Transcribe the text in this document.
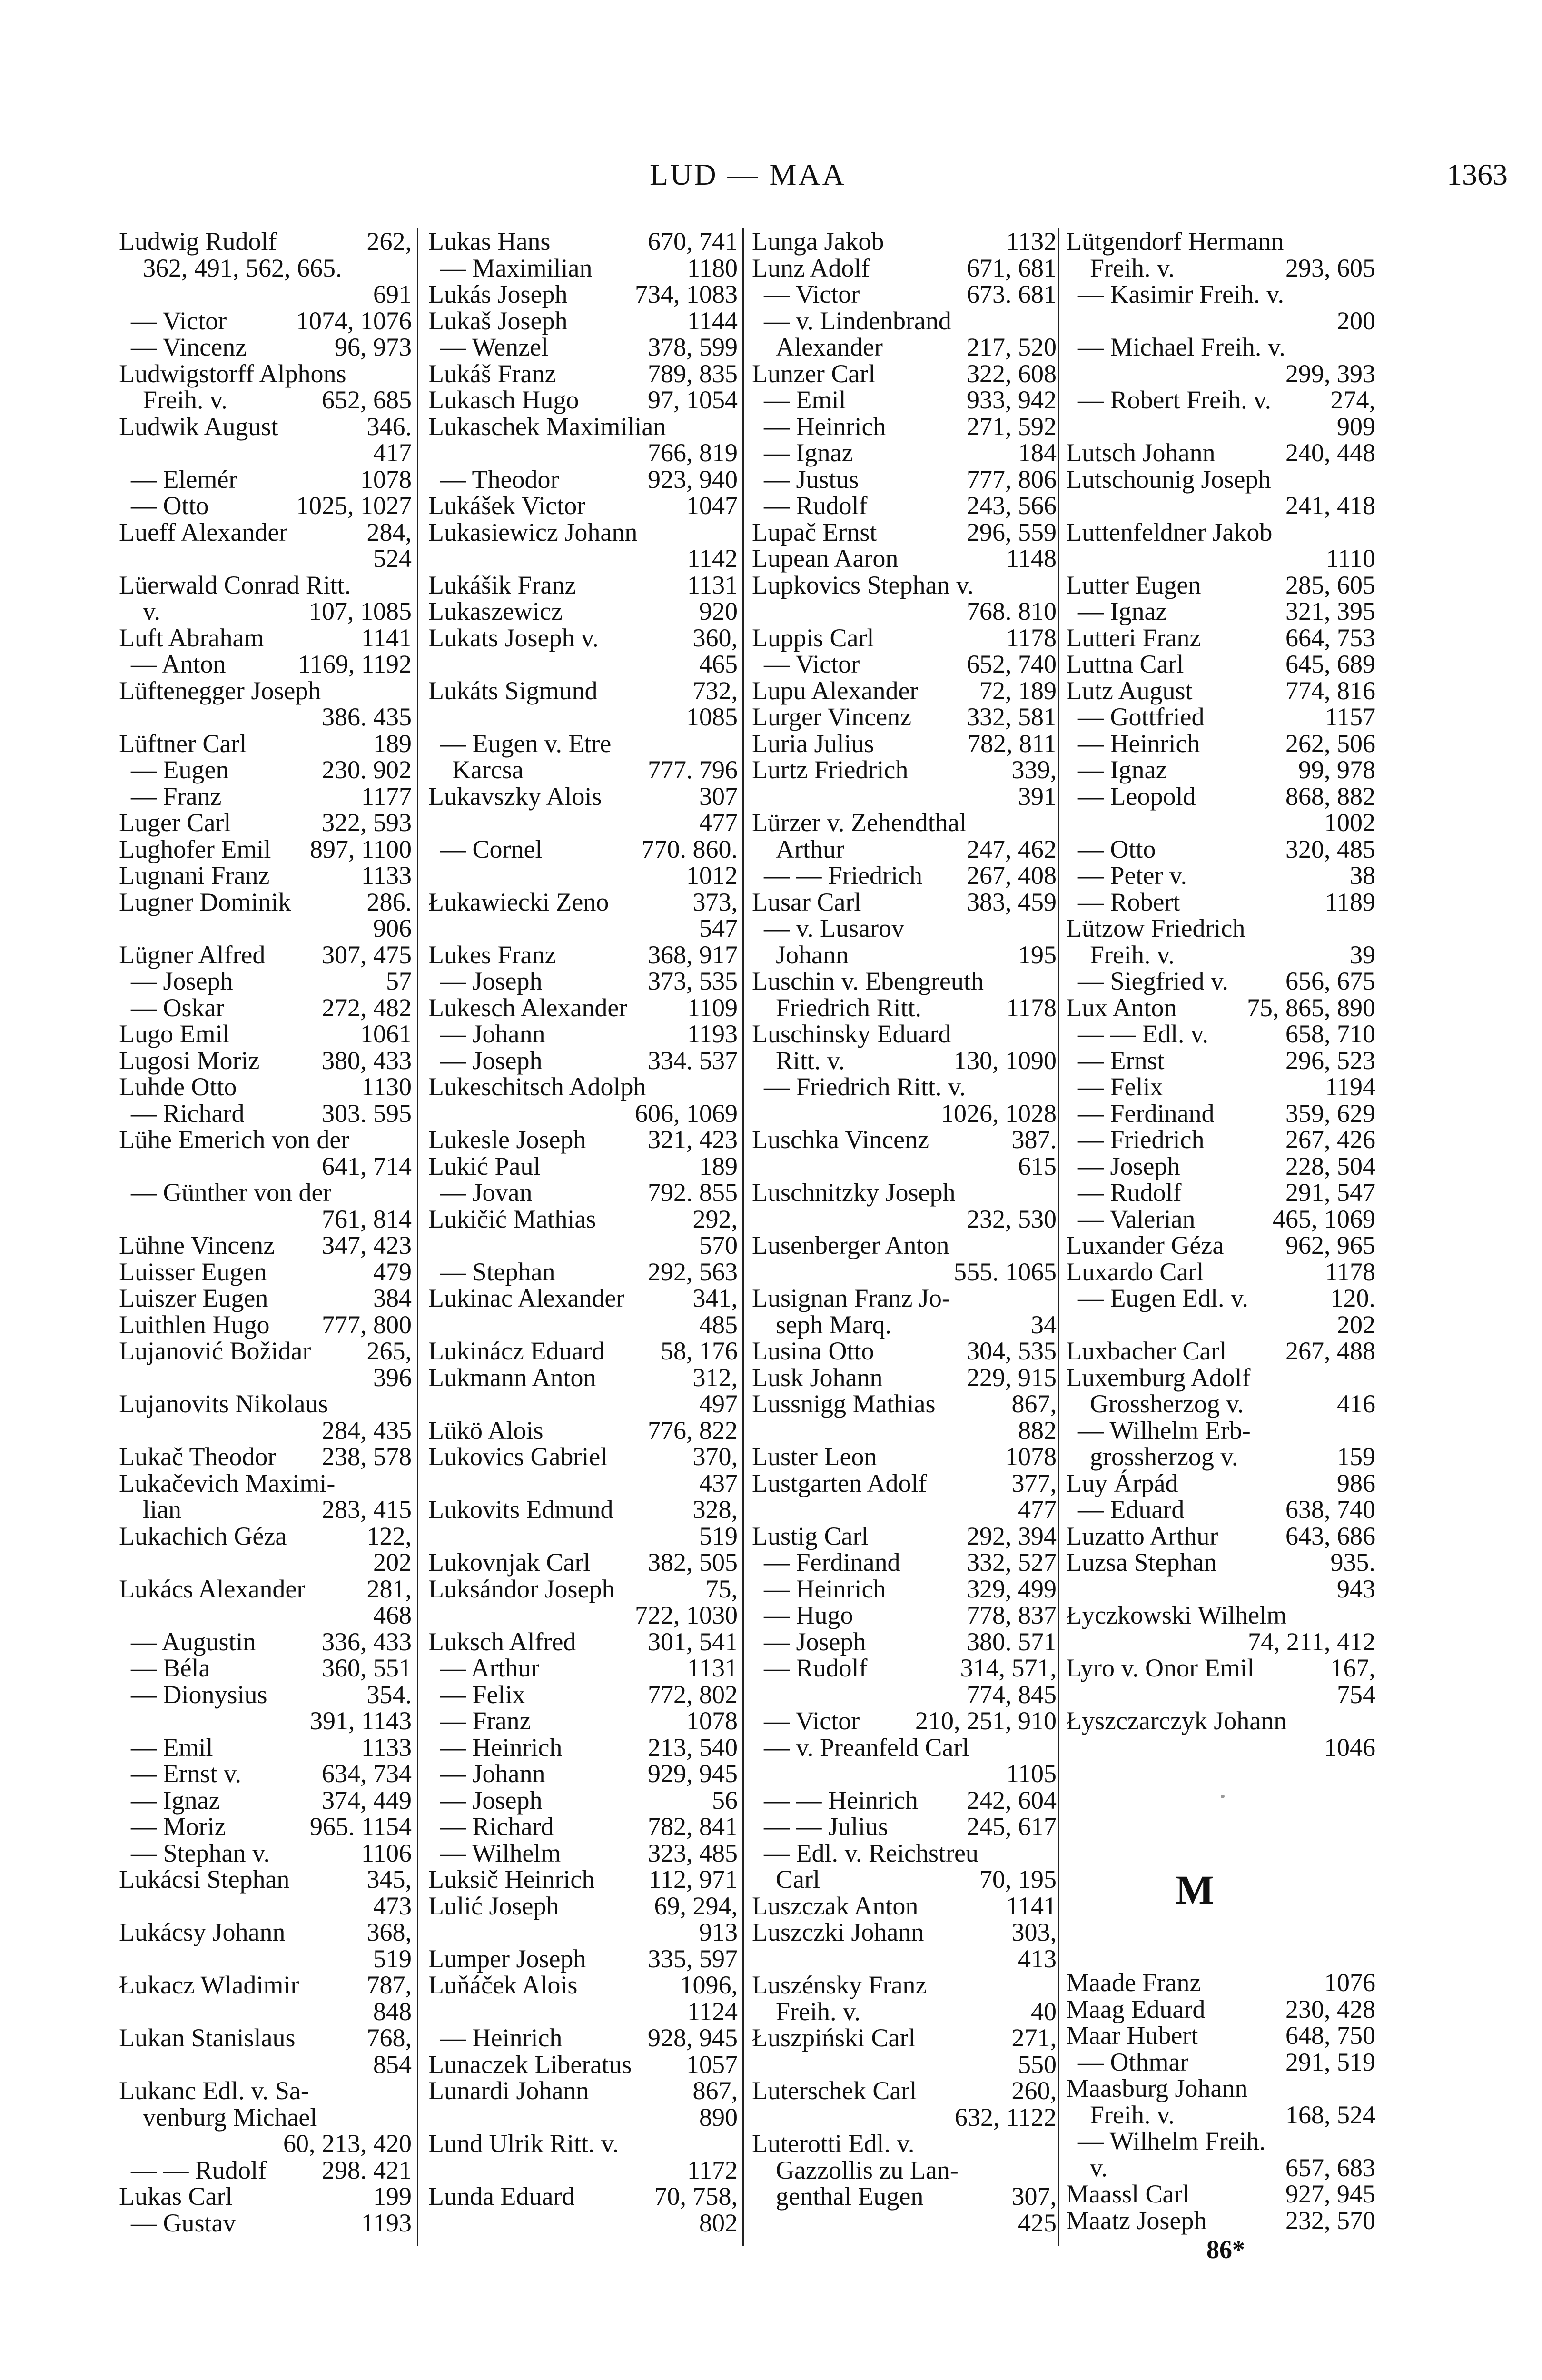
LUD — MAA	1363
Ludwig Rudolf	262,
362, 491, 562, 665.
691
— Victor	1074, 1076
— Vincenz	96, 973
Ludwigstorff Alphons
Freih. v.	652, 685
Ludwik August	346.
417
— Elemér	1078
— Otto	1025, 1027
Lueff Alexander	284,
524
Lüerwald Conrad Ritt.
v.	107, 1085
Luft Abraham	1141
— Anton	1169, 1192
Lüftenegger Joseph
386. 435
Lüftner Carl	189
— Eugen	230. 902
— Franz	1177
Luger Carl	322, 593
Lughofer Emil 897, 1100
Lugnani Franz	1133
Lugner Dominik	286.
906
Lügner Alfred 307, 475
— Joseph	57
— Oskar	272, 482
Lugo Emil	1061
Lugosi Moriz 380, 433
Luhde Otto	1130
— Richard	303. 595
Lühe Emerich von der
641, 714
— Günther von der
761, 814
Lühne Vincenz 347, 423
Luisser Eugen	479
Luiszer Eugen	384
Luithlen Hugo 777, 800
Lujanović Božidar 265,
396
Lujanovits Nikolaus
284, 435
Lukač Theodor 238, 578
Lukačevich Maximi-
lian	283, 415
Lukachich Géza	122,
202
Lukács Alexander 281,
468
— Augustin	336, 433
— Béla	360, 551
— Dionysius	354.
391, 1143
— Emil	1133
— Ernst v.	634, 734
— Ignaz	374, 449
— Moriz	965. 1154
— Stephan v.	1106
Lukácsi Stephan	345,
473
Lukácsy Johann	368,
519
Łukacz Wladimir	787,
848
Lukan Stanislaus	768,
854
Lukanc Edl. v. Sa-
venburg Michael
60, 213, 420
— — Rudolf 298. 421
Lukas Carl	199
— Gustav	1193
Lukas Hans	670, 741
— Maximilian	1180
Lukás Joseph	734, 1083
Lukaš Joseph	1144
— Wenzel	378, 599
Lukáš Franz	789, 835
Lukasch Hugo	97, 1054
Lukaschek Maximilian
766, 819
— Theodor	923, 940
Lukášek Victor	1047
Lukasiewicz Johann
1142
Lukášik Franz	1131
Lukaszewicz	920
Lukats Joseph v.	360,
465
Lukáts Sigmund	732,
1085
— Eugen v. Etre
Karcsa	777. 796
Lukavszky Alois	307
477
— Cornel	770. 860.
1012
Łukawiecki Zeno	373,
547
Lukes Franz	368, 917
— Joseph	373, 535
Lukesch Alexander 1109
— Johann	1193
— Joseph	334. 537
Lukeschitsch Adolph
606, 1069
Lukesle Joseph 321, 423
Lukić Paul	189
— Jovan	792. 855
Lukičić Mathias	292,
570
— Stephan	292, 563
Lukinac Alexander	341,
485
Lukinácz Eduard 58, 176
Lukmann Anton	312,
497
Lükö Alois	776, 822
Lukovics Gabriel	370,
437
Lukovits Edmund	328,
519
Lukovnjak Carl 382, 505
Luksándor Joseph	75,
722, 1030
Luksch Alfred	301, 541
— Arthur	1131
— Felix	772, 802
— Franz	1078
— Heinrich	213, 540
— Johann	929, 945
— Joseph	56
— Richard	782, 841
— Wilhelm	323, 485
Luksič Heinrich 112, 971
Lulić Joseph	69, 294,
913
Lumper Joseph 335, 597
Luňáček Alois	1096,
1124
— Heinrich	928, 945
Lunaczek Liberatus 1057
Lunardi Johann	867,
890
Lund Ulrik Ritt. v.
1172
Lunda Eduard	70, 758,
802
Lunga Jakob	1132
Lunz Adolf	671, 681
— Victor	673. 681
— v. Lindenbrand
Alexander	217, 520
Lunzer Carl	322, 608
— Emil	933, 942
— Heinrich	271, 592
— Ignaz	184
— Justus	777, 806
— Rudolf	243, 566
Lupač Ernst	296, 559
Lupean Aaron	1148
Lupkovics Stephan v.
768. 810
Luppis Carl	1178
— Victor	652, 740
Lupu Alexander 72, 189
Lurger Vincenz 332, 581
Luria Julius	782, 811
Lurtz Friedrich	339,
391
Lürzer v. Zehendthal
Arthur	247, 462
— — Friedrich 267, 408
Lusar Carl	383, 459
— v. Lusarov
Johann	195
Luschin v. Ebengreuth
Friedrich Ritt.	1178
Luschinsky Eduard
Ritt. v.	130, 1090
— Friedrich Ritt. v.
1026, 1028
Luschka Vincenz	387.
615
Luschnitzky Joseph
232, 530
Lusenberger Anton
555. 1065
Lusignan Franz Jo-
seph Marq.	34
Lusina Otto	304, 535
Lusk Johann	229, 915
Lussnigg Mathias	867,
882
Luster Leon	1078
Lustgarten Adolf	377,
477
Lustig Carl	292, 394
— Ferdinand	332, 527
— Heinrich	329, 499
— Hugo	778, 837
— Joseph	380. 571
— Rudolf	314, 571,
774, 845
— Victor 210, 251, 910
— v. Preanfeld Carl
1105
— — Heinrich 242, 604
— — Julius	245, 617
— Edl. v. Reichstreu
Carl	70, 195
Luszczak Anton	1141
Luszczki Johann	303,
413
Luszénsky Franz
Freih. v.	40
Łuszpiński Carl	271,
550
Luterschek Carl	260,
632, 1122
Luterotti Edl. v.
Gazzollis zu Lan-
genthal Eugen	307,
425
Lütgendorf Hermann
Freih. v.	293, 605
— Kasimir Freih. v.
200
— Michael Freih. v.
299, 393
— Robert Freih. v. 274,
909
Lutsch Johann	240, 448
Lutschounig Joseph
241, 418
Luttenfeldner Jakob
1110
Lutter Eugen	285, 605
— Ignaz	321, 395
Lutteri Franz	664, 753
Luttna Carl	645, 689
Lutz August	774, 816
— Gottfried	1157
— Heinrich	262, 506
— Ignaz	99, 978
— Leopold	868, 882
1002
— Otto	320, 485
— Peter v.	38
— Robert	1189
Lützow Friedrich
Freih. v.	39
— Siegfried v. 656, 675
Lux Anton	75, 865, 890
— — Edl. v.	658, 710
— Ernst	296, 523
— Felix	1194
— Ferdinand	359, 629
— Friedrich	267, 426
— Joseph	228, 504
— Rudolf	291, 547
— Valerian	465, 1069
Luxander Géza 962, 965
Luxardo Carl	1178
— Eugen Edl. v.	120.
202
Luxbacher Carl 267, 488
Luxemburg Adolf
Grossherzog v.	416
— Wilhelm Erb-
grossherzog v.	159
Luy Árpád	986
— Eduard	638, 740
Luzatto Arthur	643, 686
Luzsa Stephan	935.
943
Łyczkowski Wilhelm
74, 211, 412
Lyro v. Onor Emil	167,
754
Łyszczarczyk Johann
1046
M
Maade Franz	1076
Maag Eduard	230, 428
Maar Hubert	648, 750
— Othmar	291, 519
Maasburg Johann
Freih. v.	168, 524
— Wilhelm Freih.
v.	657, 683
Maassl Carl	927, 945
Maatz Joseph	232, 570
86*
